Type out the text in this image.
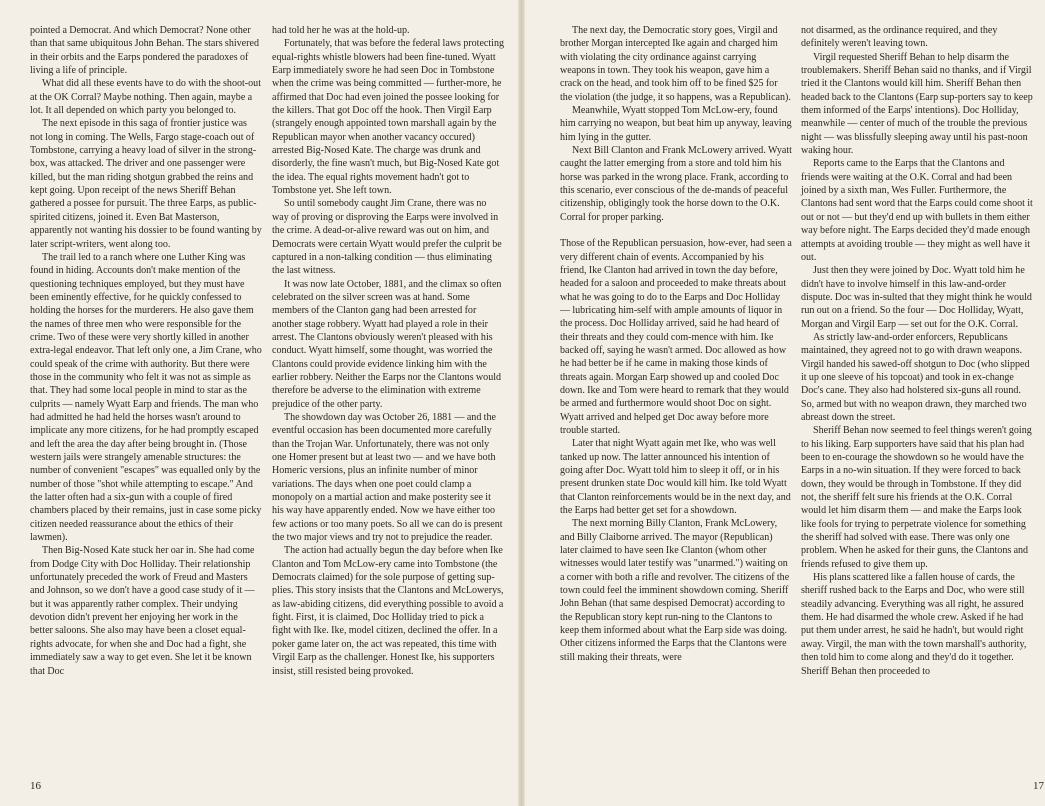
pointed a Democrat. And which Democrat? None other than that same ubiquitous John Behan. The stars shivered in their orbits and the Earps pondered the paradoxes of living a life of principle.

What did all these events have to do with the shoot-out at the OK Corral? Maybe nothing. Then again, maybe a lot. It all depended on which party you belonged to.

The next episode in this saga of frontier justice was not long in coming. The Wells, Fargo stage-coach out of Tombstone, carrying a heavy load of silver in the strong-box, was attacked. The driver and one passenger were killed, but the man riding shotgun grabbed the reins and kept going. Upon receipt of the news Sheriff Behan gathered a possee for pursuit. The three Earps, as public-spirited citizens, joined it. Even Bat Masterson, apparently not wanting his dossier to be found wanting by later script-writers, went along too.

The trail led to a ranch where one Luther King was found in hiding. Accounts don't make mention of the questioning techniques employed, but they must have been eminently effective, for he quickly confessed to holding the horses for the murderers. He also gave them the names of three men who were responsible for the crime. Two of these were very shortly killed in another extra-legal endeavor. That left only one, a Jim Crane, who could speak of the crime with authority. But there were those in the community who felt it was not as simple as that. They had some local people in mind to star as the culprits — namely Wyatt Earp and friends. The man who had admitted he had held the horses wasn't around to implicate any more citizens, for he had promptly escaped and left the area the day after being brought in. (Those western jails were strangely amenable structures: the number of convenient "escapes" was equalled only by the number of those "shot while attempting to escape." And the latter often had a six-gun with a couple of fired chambers placed by their remains, just in case some picky citizen needed reassurance about the ethics of their lawmen).

Then Big-Nosed Kate stuck her oar in. She had come from Dodge City with Doc Holliday. Their relationship unfortunately preceded the work of Freud and Masters and Johnson, so we don't have a good case study of it — but it was apparently rather complex. Their undying devotion didn't prevent her enjoying her work in the better saloons. She also may have been a closet equal-rights advocate, for when she and Doc had a fight, she immediately saw a way to get even. She let it be known that Doc

had told her he was at the hold-up.

Fortunately, that was before the federal laws protecting equal-rights whistle blowers had been fine-tuned. Wyatt Earp immediately swore he had seen Doc in Tombstone when the crime was being committed — further-more, he affirmed that Doc had even joined the possee looking for the killers. That got Doc off the hook. Then Virgil Earp (strangely enough appointed town marshall again by the Republican mayor when another vacancy occured) arrested Big-Nosed Kate. The charge was drunk and disorderly, the fine wasn't much, but Big-Nosed Kate got the idea. The equal rights movement hadn't got to Tombstone yet. She left town.

So until somebody caught Jim Crane, there was no way of proving or disproving the Earps were involved in the crime. A dead-or-alive reward was out on him, and Democrats were certain Wyatt would prefer the culprit be captured in a non-talking condition — thus eliminating the last witness.

It was now late October, 1881, and the climax so often celebrated on the silver screen was at hand. Some members of the Clanton gang had been arrested for another stage robbery. Wyatt had played a role in their arrest. The Clantons obviously weren't pleased with his conduct. Wyatt himself, some thought, was worried the Clantons could provide evidence linking him with the earlier robbery. Neither the Earps nor the Clantons would therefore be adverse to the elimination with extreme prejudice of the other party.

The showdown day was October 26, 1881 — and the eventful occasion has been documented more carefully than the Trojan War. Unfortunately, there was not only one Homer present but at least two — and we have both Homeric versions, plus an infinite number of minor variations. The days when one poet could clamp a monopoly on a martial action and make posterity see it his way have apparently ended. Now we have either too few actions or too many poets. So all we can do is present the two major views and try not to prejudice the reader.

The action had actually begun the day before when Ike Clanton and Tom McLow-ery came into Tombstone (the Democrats claimed) for the sole purpose of getting sup-plies. This story insists that the Clantons and McLowerys, as law-abiding citizens, did everything possible to avoid a fight. First, it is claimed, Doc Holliday tried to pick a fight with Ike. Ike, model citizen, declined the offer. In a poker game later on, the act was repeated, this time with Virgil Earp as the challenger. Honest Ike, his supporters insist, still resisted being provoked.

16

The next day, the Democratic story goes, Virgil and brother Morgan intercepted Ike again and charged him with violating the city ordinance against carrying weapons in town. They took his weapon, gave him a crack on the head, and took him off to be fined $25 for the violation (the judge, it so happens, was a Republican).

Meanwhile, Wyatt stopped Tom McLow-ery, found him carrying no weapon, but beat him up anyway, leaving him lying in the gutter.

Next Bill Clanton and Frank McLowery arrived. Wyatt caught the latter emerging from a store and told him his horse was parked in the wrong place. Frank, according to this scenario, ever conscious of the de-mands of peaceful citizenship, obligingly took the horse down to the O.K. Corral for proper parking.

Those of the Republican persuasion, how-ever, had seen a very different chain of events. Accompanied by his friend, Ike Clanton had arrived in town the day before, headed for a saloon and proceeded to make threats about what he was going to do to the Earps and Doc Holliday — lubricating him-self with ample amounts of liquor in the process. Doc Holliday arrived, said he had heard of their threats and they could com-mence with him. Ike backed off, saying he wasn't armed. Doc allowed as how he had better be if he came in making those kinds of threats again. Morgan Earp showed up and cooled Doc down. Ike and Tom were heard to remark that they would be armed and furthermore would shoot Doc on sight. Wyatt arrived and helped get Doc away before more trouble started.

Later that night Wyatt again met Ike, who was well tanked up now. The latter announced his intention of going after Doc. Wyatt told him to sleep it off, or in his present drunken state Doc would kill him. Ike told Wyatt that Clanton reinforcements would be in the next day, and the Earps had better get set for a showdown.

The next morning Billy Clanton, Frank McLowery, and Billy Claiborne arrived. The mayor (Republican) later claimed to have seen Ike Clanton (whom other witnesses would later testify was "unarmed.") waiting on a corner with both a rifle and revolver. The citizens of the town could feel the imminent showdown coming. Sheriff John Behan (that same despised Democrat) according to the Republican story kept run-ning to the Clantons to keep them informed about what the Earp side was doing. Other citizens informed the Earps that the Clantons were still making their threats, were

not disarmed, as the ordinance required, and they definitely weren't leaving town.

Virgil requested Sheriff Behan to help disarm the troublemakers. Sheriff Behan said no thanks, and if Virgil tried it the Clantons would kill him. Sheriff Behan then headed back to the Clantons (Earp sup-porters say to keep them informed of the Earps' intentions). Doc Holliday, meanwhile — center of much of the trouble the previous night — was blissfully sleeping away until his past-noon waking hour.

Reports came to the Earps that the Clantons and friends were waiting at the O.K. Corral and had been joined by a sixth man, Wes Fuller. Furthermore, the Clantons had sent word that the Earps could come shoot it out or not — but they'd end up with bullets in them either way before night. The Earps decided they'd made enough attempts at avoiding trouble — they might as well have it out.

Just then they were joined by Doc. Wyatt told him he didn't have to involve himself in this law-and-order dispute. Doc was in-sulted that they might think he would run out on a friend. So the four — Doc Holliday, Wyatt, Morgan and Virgil Earp — set out for the O.K. Corral.

As strictly law-and-order enforcers, Republicans maintained, they agreed not to go with drawn weapons. Virgil handed his sawed-off shotgun to Doc (who slipped it up one sleeve of his topcoat) and took in ex-change Doc's cane. They also had holstered six-guns all round. So, armed but with no weapon drawn, they marched two abreast down the street.

Sheriff Behan now seemed to feel things weren't going to his liking. Earp supporters have said that his plan had been to en-courage the showdown so he would have the Earps in a no-win situation. If they were forced to back down, they would be through in Tombstone. If they did not, the sheriff felt sure his friends at the O.K. Corral would let him disarm them — and make the Earps look like fools for trying to perpetrate violence for something the sheriff had solved with ease. There was only one problem. When he asked for their guns, the Clantons and friends refused to give them up.

His plans scattered like a fallen house of cards, the sheriff rushed back to the Earps and Doc, who were still steadily advancing. Everything was all right, he assured them. He had disarmed the whole crew. Asked if he had put them under arrest, he said he hadn't, but would right away. Virgil, the man with the town marshall's authority, then told him to come along and they'd do it together. Sheriff Behan then proceeded to

17
